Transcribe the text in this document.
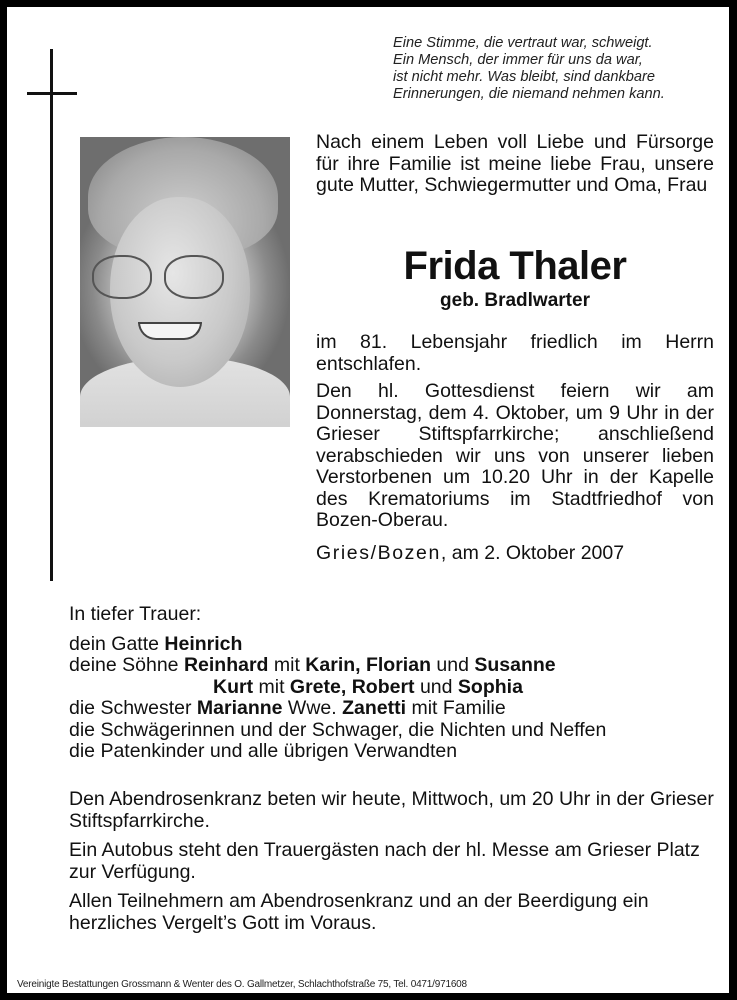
Eine Stimme, die vertraut war, schweigt.
Ein Mensch, der immer für uns da war,
ist nicht mehr. Was bleibt, sind dankbare
Erinnerungen, die niemand nehmen kann.
Nach einem Leben voll Liebe und Fürsorge für ihre Familie ist meine liebe Frau, unsere gute Mutter, Schwiegermutter und Oma, Frau
Frida Thaler
geb. Bradlwarter

im 81. Lebensjahr friedlich im Herrn entschlafen.

Den hl. Gottesdienst feiern wir am Donnerstag, dem 4. Oktober, um 9 Uhr in der Grieser Stiftspfarrkirche; anschließend verabschieden wir uns von unserer lieben Verstorbenen um 10.20 Uhr in der Kapelle des Krematoriums im Stadtfriedhof von Bozen-Oberau.

Gries/Bozen, am 2. Oktober 2007
In tiefer Trauer:
dein Gatte Heinrich
deine Söhne Reinhard mit Karin, Florian und Susanne
Kurt mit Grete, Robert und Sophia
die Schwester Marianne Wwe. Zanetti mit Familie
die Schwägerinnen und der Schwager, die Nichten und Neffen
die Patenkinder und alle übrigen Verwandten

Den Abendrosenkranz beten wir heute, Mittwoch, um 20 Uhr in der Grieser Stiftspfarrkirche.

Ein Autobus steht den Trauergästen nach der hl. Messe am Grieser Platz zur Verfügung.

Allen Teilnehmern am Abendrosenkranz und an der Beerdigung ein herzliches Vergelt’s Gott im Voraus.

Vereinigte Bestattungen Grossmann & Wenter des O. Gallmetzer, Schlachthofstraße 75, Tel. 0471/971608
